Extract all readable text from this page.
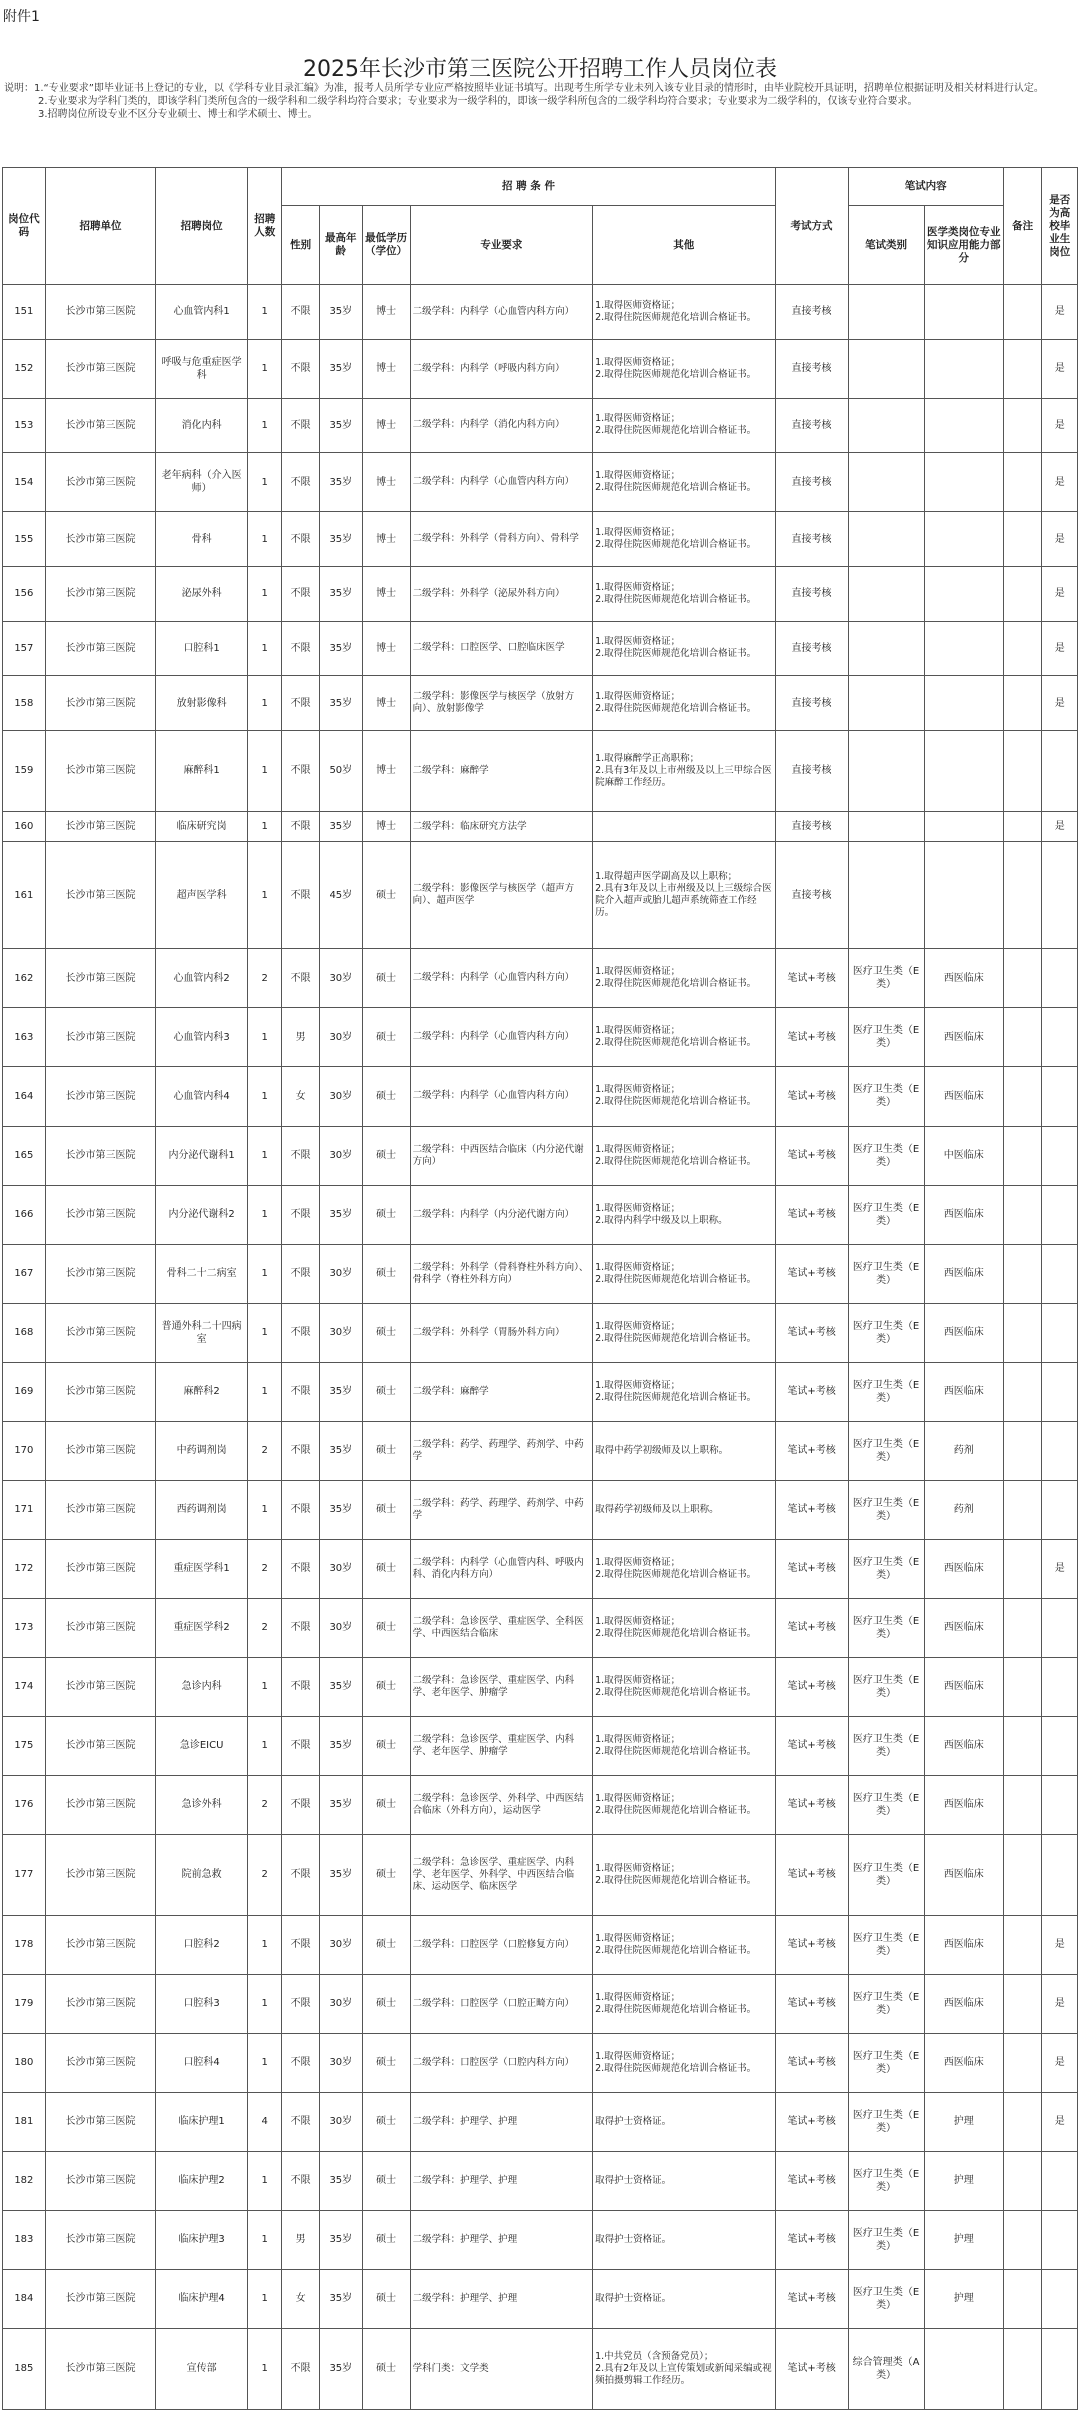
附件1
2025年长沙市第三医院公开招聘工作人员岗位表

说明：1.“专业要求”即毕业证书上登记的专业，以《学科专业目录汇编》为准，报考人员所学专业应严格按照毕业证书填写。出现考生所学专业未列入该专业目录的情形时，由毕业院校开具证明，招聘单位根据证明及相关材料进行认定。

2.专业要求为学科门类的，即该学科门类所包含的一级学科和二级学科均符合要求；专业要求为一级学科的，即该一级学科所包含的二级学科均符合要求；专业要求为二级学科的，仅该专业符合要求。

3.招聘岗位所设专业不区分专业硕士、博士和学术硕士、博士。

岗位代码	招聘单位	招聘岗位	招聘人数	招 聘 条 件					考试方式	笔试内容		备注	是否为高校毕业生岗位
				性别	最高年龄	最低学历（学位）	专业要求	其他		笔试类别	医学类岗位专业知识应用能力部分		
151	长沙市第三医院	心血管内科1	1	不限	35岁	博士	二级学科：内科学（心血管内科方向）	1.取得医师资格证；
2.取得住院医师规范化培训合格证书。	直接考核				是
152	长沙市第三医院	呼吸与危重症医学科	1	不限	35岁	博士	二级学科：内科学（呼吸内科方向）	1.取得医师资格证；
2.取得住院医师规范化培训合格证书。	直接考核				是
153	长沙市第三医院	消化内科	1	不限	35岁	博士	二级学科：内科学（消化内科方向）	1.取得医师资格证；
2.取得住院医师规范化培训合格证书。	直接考核				是
154	长沙市第三医院	老年病科（介入医师）	1	不限	35岁	博士	二级学科：内科学（心血管内科方向）	1.取得医师资格证；
2.取得住院医师规范化培训合格证书。	直接考核				是
155	长沙市第三医院	骨科	1	不限	35岁	博士	二级学科：外科学（骨科方向）、骨科学	1.取得医师资格证；
2.取得住院医师规范化培训合格证书。	直接考核				是
156	长沙市第三医院	泌尿外科	1	不限	35岁	博士	二级学科：外科学（泌尿外科方向）	1.取得医师资格证；
2.取得住院医师规范化培训合格证书。	直接考核				是
157	长沙市第三医院	口腔科1	1	不限	35岁	博士	二级学科：口腔医学、口腔临床医学	1.取得医师资格证；
2.取得住院医师规范化培训合格证书。	直接考核				是
158	长沙市第三医院	放射影像科	1	不限	35岁	博士	二级学科：影像医学与核医学（放射方向）、放射影像学	1.取得医师资格证；
2.取得住院医师规范化培训合格证书。	直接考核				是
159	长沙市第三医院	麻醉科1	1	不限	50岁	博士	二级学科：麻醉学	1.取得麻醉学正高职称；
2.具有3年及以上市州级及以上三甲综合医院麻醉工作经历。	直接考核				
160	长沙市第三医院	临床研究岗	1	不限	35岁	博士	二级学科：临床研究方法学		直接考核				是
161	长沙市第三医院	超声医学科	1	不限	45岁	硕士	二级学科：影像医学与核医学（超声方向）、超声医学	1.取得超声医学副高及以上职称；
2.具有3年及以上市州级及以上三级综合医院介入超声或胎儿超声系统筛查工作经历。	直接考核				
162	长沙市第三医院	心血管内科2	2	不限	30岁	硕士	二级学科：内科学（心血管内科方向）	1.取得医师资格证；
2.取得住院医师规范化培训合格证书。	笔试+考核	医疗卫生类（E类）	西医临床		
163	长沙市第三医院	心血管内科3	1	男	30岁	硕士	二级学科：内科学（心血管内科方向）	1.取得医师资格证；
2.取得住院医师规范化培训合格证书。	笔试+考核	医疗卫生类（E类）	西医临床		
164	长沙市第三医院	心血管内科4	1	女	30岁	硕士	二级学科：内科学（心血管内科方向）	1.取得医师资格证；
2.取得住院医师规范化培训合格证书。	笔试+考核	医疗卫生类（E类）	西医临床		
165	长沙市第三医院	内分泌代谢科1	1	不限	30岁	硕士	二级学科：中西医结合临床（内分泌代谢方向）	1.取得医师资格证；
2.取得住院医师规范化培训合格证书。	笔试+考核	医疗卫生类（E类）	中医临床		
166	长沙市第三医院	内分泌代谢科2	1	不限	35岁	硕士	二级学科：内科学（内分泌代谢方向）	1.取得医师资格证；
2.取得内科学中级及以上职称。	笔试+考核	医疗卫生类（E类）	西医临床		
167	长沙市第三医院	骨科二十二病室	1	不限	30岁	硕士	二级学科：外科学（骨科脊柱外科方向）、骨科学（脊柱外科方向）	1.取得医师资格证；
2.取得住院医师规范化培训合格证书。	笔试+考核	医疗卫生类（E类）	西医临床		
168	长沙市第三医院	普通外科二十四病室	1	不限	30岁	硕士	二级学科：外科学（胃肠外科方向）	1.取得医师资格证；
2.取得住院医师规范化培训合格证书。	笔试+考核	医疗卫生类（E类）	西医临床		
169	长沙市第三医院	麻醉科2	1	不限	35岁	硕士	二级学科：麻醉学	1.取得医师资格证；
2.取得住院医师规范化培训合格证书。	笔试+考核	医疗卫生类（E类）	西医临床		
170	长沙市第三医院	中药调剂岗	2	不限	35岁	硕士	二级学科：药学、药理学、药剂学、中药学	取得中药学初级师及以上职称。	笔试+考核	医疗卫生类（E类）	药剂		
171	长沙市第三医院	西药调剂岗	1	不限	35岁	硕士	二级学科：药学、药理学、药剂学、中药学	取得药学初级师及以上职称。	笔试+考核	医疗卫生类（E类）	药剂		
172	长沙市第三医院	重症医学科1	2	不限	30岁	硕士	二级学科：内科学（心血管内科、呼吸内科、消化内科方向）	1.取得医师资格证；
2.取得住院医师规范化培训合格证书。	笔试+考核	医疗卫生类（E类）	西医临床		是
173	长沙市第三医院	重症医学科2	2	不限	30岁	硕士	二级学科：急诊医学、重症医学、全科医学、中西医结合临床	1.取得医师资格证；
2.取得住院医师规范化培训合格证书。	笔试+考核	医疗卫生类（E类）	西医临床		
174	长沙市第三医院	急诊内科	1	不限	35岁	硕士	二级学科：急诊医学、重症医学、内科学、老年医学、肿瘤学	1.取得医师资格证；
2.取得住院医师规范化培训合格证书。	笔试+考核	医疗卫生类（E类）	西医临床		
175	长沙市第三医院	急诊EICU	1	不限	35岁	硕士	二级学科：急诊医学、重症医学、内科学、老年医学、肿瘤学	1.取得医师资格证；
2.取得住院医师规范化培训合格证书。	笔试+考核	医疗卫生类（E类）	西医临床		
176	长沙市第三医院	急诊外科	2	不限	35岁	硕士	二级学科：急诊医学、外科学、中西医结合临床（外科方向），运动医学	1.取得医师资格证；
2.取得住院医师规范化培训合格证书。	笔试+考核	医疗卫生类（E类）	西医临床		
177	长沙市第三医院	院前急救	2	不限	35岁	硕士	二级学科：急诊医学、重症医学、内科学、老年医学、外科学、中西医结合临床、运动医学、临床医学	1.取得医师资格证；
2.取得住院医师规范化培训合格证书。	笔试+考核	医疗卫生类（E类）	西医临床		
178	长沙市第三医院	口腔科2	1	不限	30岁	硕士	二级学科：口腔医学（口腔修复方向）	1.取得医师资格证；
2.取得住院医师规范化培训合格证书。	笔试+考核	医疗卫生类（E类）	西医临床		是
179	长沙市第三医院	口腔科3	1	不限	30岁	硕士	二级学科：口腔医学（口腔正畸方向）	1.取得医师资格证；
2.取得住院医师规范化培训合格证书。	笔试+考核	医疗卫生类（E类）	西医临床		是
180	长沙市第三医院	口腔科4	1	不限	30岁	硕士	二级学科：口腔医学（口腔内科方向）	1.取得医师资格证；
2.取得住院医师规范化培训合格证书。	笔试+考核	医疗卫生类（E类）	西医临床		是
181	长沙市第三医院	临床护理1	4	不限	30岁	硕士	二级学科：护理学、护理	取得护士资格证。	笔试+考核	医疗卫生类（E类）	护理		是
182	长沙市第三医院	临床护理2	1	不限	35岁	硕士	二级学科：护理学、护理	取得护士资格证。	笔试+考核	医疗卫生类（E类）	护理		
183	长沙市第三医院	临床护理3	1	男	35岁	硕士	二级学科：护理学、护理	取得护士资格证。	笔试+考核	医疗卫生类（E类）	护理		
184	长沙市第三医院	临床护理4	1	女	35岁	硕士	二级学科：护理学、护理	取得护士资格证。	笔试+考核	医疗卫生类（E类）	护理		
185	长沙市第三医院	宣传部	1	不限	35岁	硕士	学科门类：文学类	1.中共党员（含预备党员）；
2.具有2年及以上宣传策划或新闻采编或视频拍摄剪辑工作经历。	笔试+考核	综合管理类（A类）			
